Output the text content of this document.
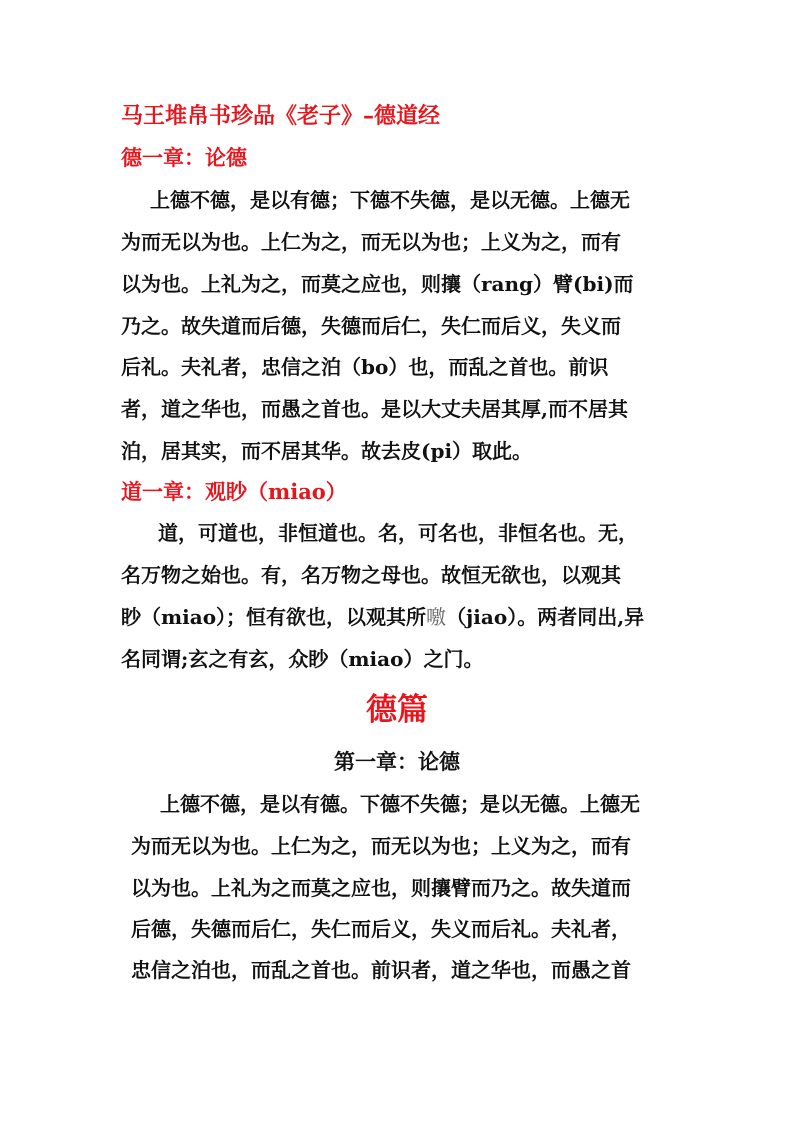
马王堆帛书珍品《老子》–德道经
德一章：论德
上德不德，是以有德；下德不失德，是以无德。上德无
为而无以为也。上仁为之，而无以为也；上义为之，而有
以为也。上礼为之，而莫之应也，则攘（rang）臂(bi)而
乃之。故失道而后德，失德而后仁，失仁而后义，失义而
后礼。夫礼者，忠信之泊（bo）也，而乱之首也。前识
者，道之华也，而愚之首也。是以大丈夫居其厚,而不居其
泊，居其实，而不居其华。故去皮(pi）取此。
道一章：观眇（miao）
道，可道也，非恒道也。名，可名也，非恒名也。无，
名万物之始也。有，名万物之母也。故恒无欲也，以观其
眇（miao）；恒有欲也，以观其所噭（jiao）。两者同出,异
名同谓;玄之有玄，众眇（miao）之门。
德篇
第一章：论德
上德不德，是以有德。下德不失德；是以无德。上德无
为而无以为也。上仁为之，而无以为也；上义为之，而有
以为也。上礼为之而莫之应也，则攘臂而乃之。故失道而
后德，失德而后仁，失仁而后义，失义而后礼。夫礼者，
忠信之泊也，而乱之首也。前识者，道之华也，而愚之首
